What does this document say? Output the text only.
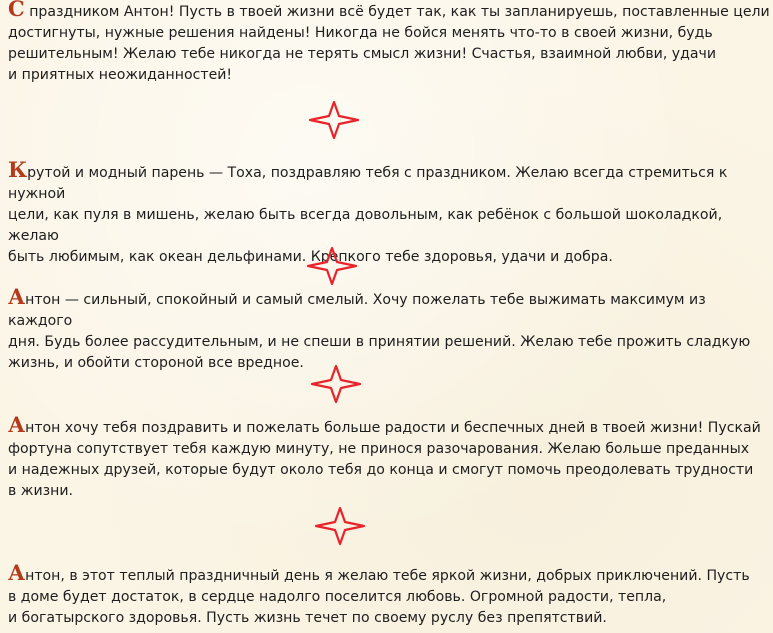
С праздником Антон! Пусть в твоей жизни всё будет так, как ты запланируешь, поставленные цели
достигнуты, нужные решения найдены! Никогда не бойся менять что-то в своей жизни, будь
решительным! Желаю тебе никогда не терять смысл жизни! Счастья, взаимной любви, удачи
и приятных неожиданностей!

Крутой и модный парень — Тоха, поздравляю тебя с праздником. Желаю всегда стремиться к нужной
цели, как пуля в мишень, желаю быть всегда довольным, как ребёнок с большой шоколадкой, желаю
быть любимым, как океан дельфинами. Крепкого тебе здоровья, удачи и добра.

Антон — сильный, спокойный и самый смелый. Хочу пожелать тебе выжимать максимум из каждого
дня. Будь более рассудительным, и не спеши в принятии решений. Желаю тебе прожить сладкую
жизнь, и обойти стороной все вредное.

Антон хочу тебя поздравить и пожелать больше радости и беспечных дней в твоей жизни! Пускай
фортуна сопутствует тебя каждую минуту, не принося разочарования. Желаю больше преданных
и надежных друзей, которые будут около тебя до конца и смогут помочь преодолевать трудности
в жизни.

Антон, в этот теплый праздничный день я желаю тебе яркой жизни, добрых приключений. Пусть
в доме будет достаток, в сердце надолго поселится любовь. Огромной радости, тепла,
и богатырского здоровья. Пусть жизнь течет по своему руслу без препятствий.
